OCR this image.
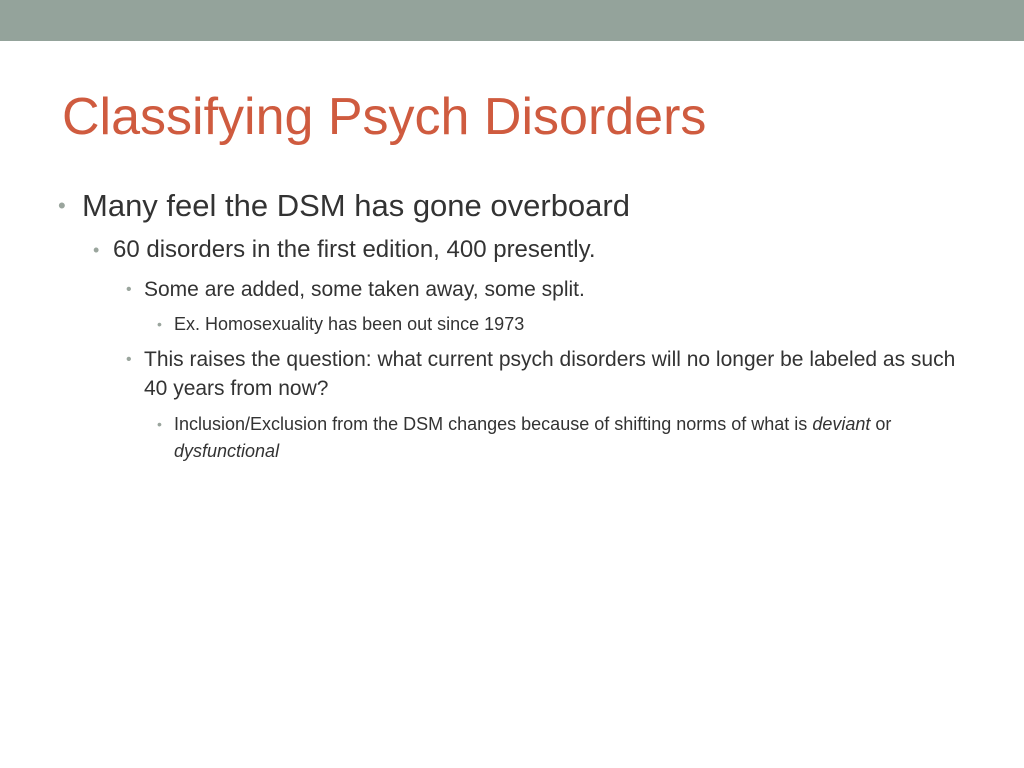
Classifying Psych Disorders
• Many feel the DSM has gone overboard
• 60 disorders in the first edition, 400 presently.
• Some are added, some taken away, some split.
• Ex. Homosexuality has been out since 1973
• This raises the question: what current psych disorders will no longer be labeled as such 40 years from now?
• Inclusion/Exclusion from the DSM changes because of shifting norms of what is deviant or dysfunctional
